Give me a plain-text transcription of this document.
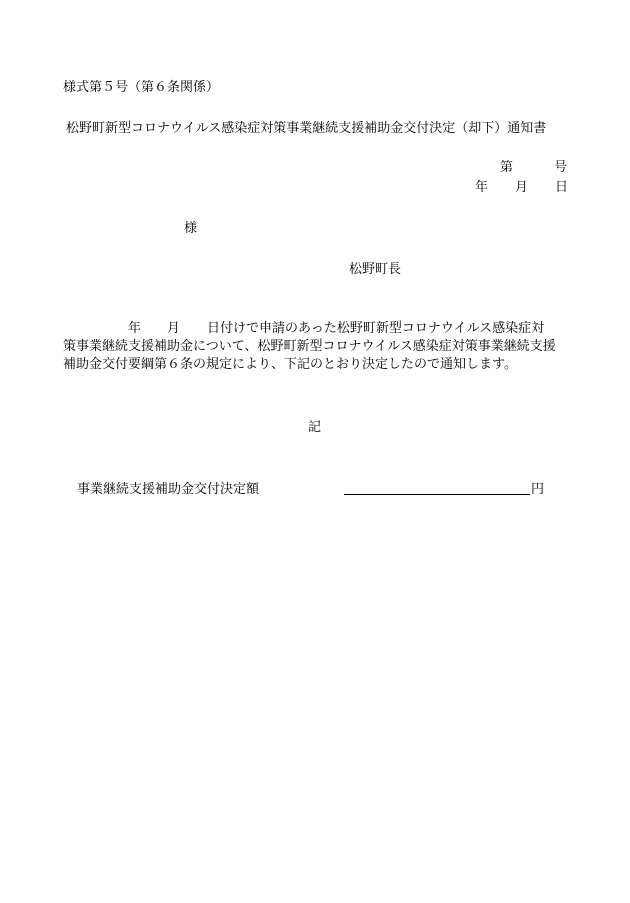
様式第５号（第６条関係）
松野町新型コロナウイルス感染症対策事業継続支援補助金交付決定（却下）通知書
第	号
年 月 日
様
松野町長
年 月 日付けで申請のあった松野町新型コロナウイルス感染症対
策事業継続支援補助金について、松野町新型コロナウイルス感染症対策事業継続支援
補助金交付要綱第６条の規定により、下記のとおり決定したので通知します。
記
事業継続支援補助金交付決定額	円
